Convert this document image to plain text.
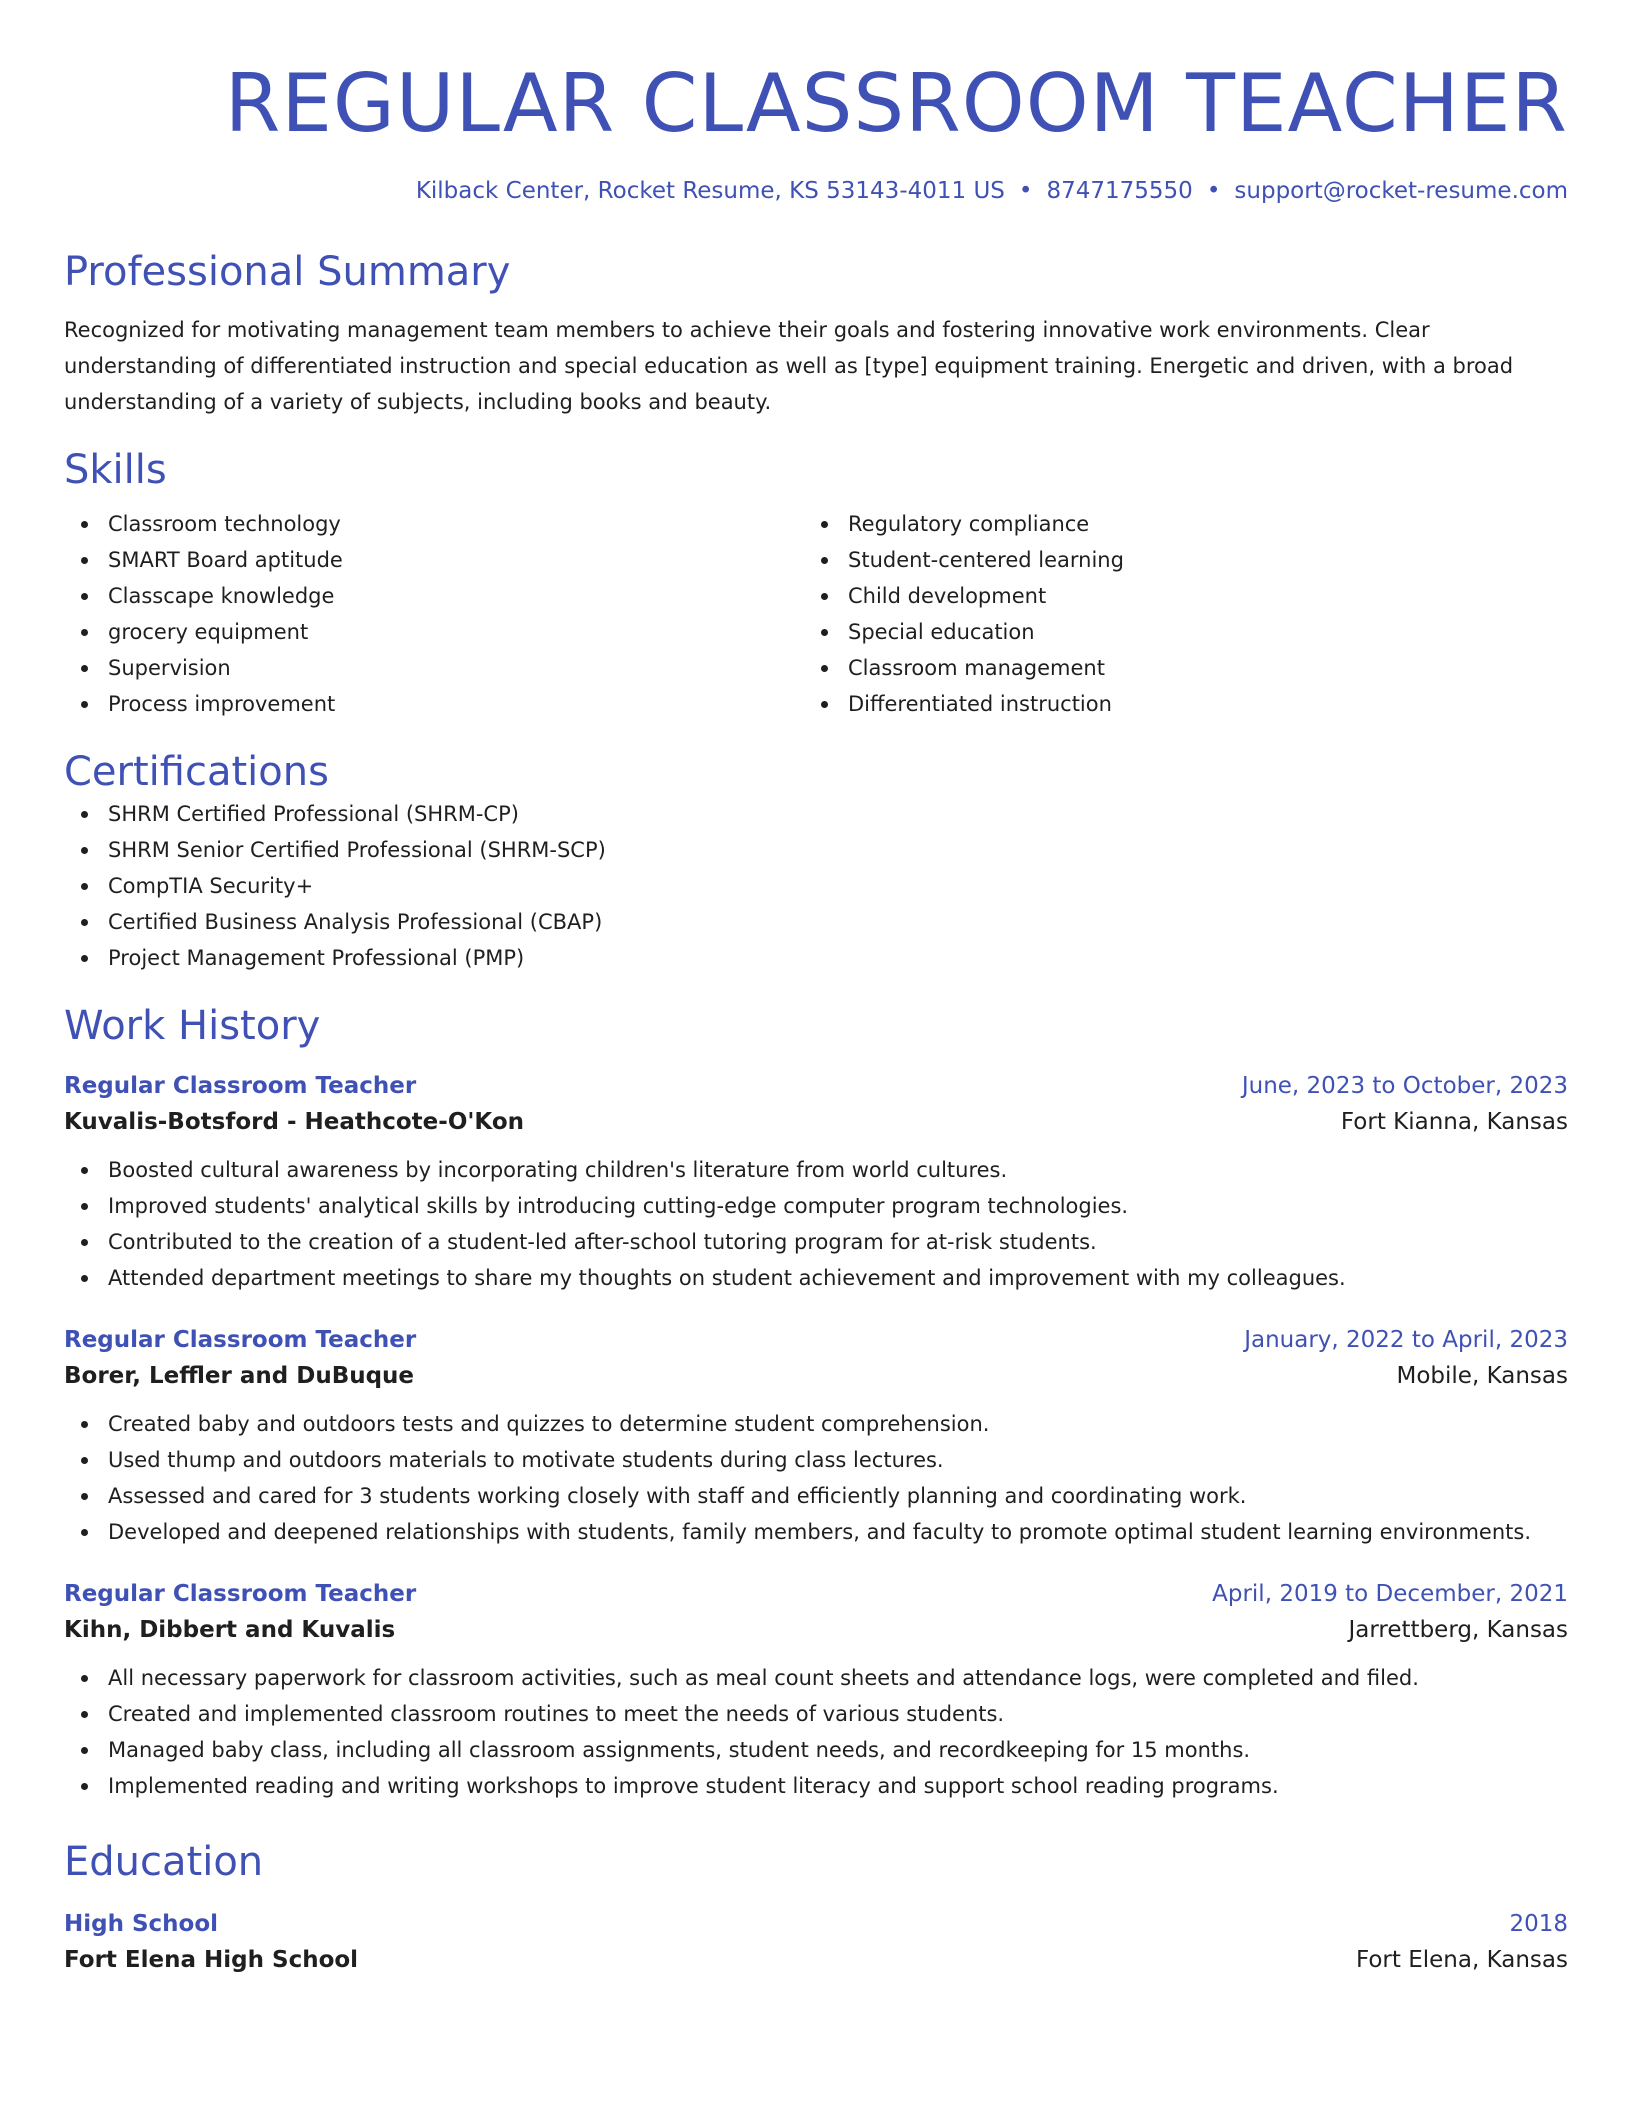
REGULAR CLASSROOM TEACHER
Kilback Center, Rocket Resume, KS 53143-4011 US • 8747175550 • support@rocket-resume.com
Professional Summary

Recognized for motivating management team members to achieve their goals and fostering innovative work environments. Clear understanding of differentiated instruction and special education as well as [type] equipment training. Energetic and driven, with a broad understanding of a variety of subjects, including books and beauty.

Skills
Classroom technology
SMART Board aptitude
Classcape knowledge
grocery equipment
Supervision
Process improvement
Regulatory compliance
Student-centered learning
Child development
Special education
Classroom management
Differentiated instruction
Certifications
SHRM Certified Professional (SHRM-CP)
SHRM Senior Certified Professional (SHRM-SCP)
CompTIA Security+
Certified Business Analysis Professional (CBAP)
Project Management Professional (PMP)
Work History
Regular Classroom Teacher	June, 2023 to October, 2023
Kuvalis-Botsford - Heathcote-O'Kon	Fort Kianna, Kansas
Boosted cultural awareness by incorporating children's literature from world cultures.
Improved students' analytical skills by introducing cutting-edge computer program technologies.
Contributed to the creation of a student-led after-school tutoring program for at-risk students.
Attended department meetings to share my thoughts on student achievement and improvement with my colleagues.
Regular Classroom Teacher	January, 2022 to April, 2023
Borer, Leffler and DuBuque	Mobile, Kansas
Created baby and outdoors tests and quizzes to determine student comprehension.
Used thump and outdoors materials to motivate students during class lectures.
Assessed and cared for 3 students working closely with staff and efficiently planning and coordinating work.
Developed and deepened relationships with students, family members, and faculty to promote optimal student learning environments.
Regular Classroom Teacher	April, 2019 to December, 2021
Kihn, Dibbert and Kuvalis	Jarrettberg, Kansas
All necessary paperwork for classroom activities, such as meal count sheets and attendance logs, were completed and filed.
Created and implemented classroom routines to meet the needs of various students.
Managed baby class, including all classroom assignments, student needs, and recordkeeping for 15 months.
Implemented reading and writing workshops to improve student literacy and support school reading programs.
Education
High School	2018
Fort Elena High School	Fort Elena, Kansas
